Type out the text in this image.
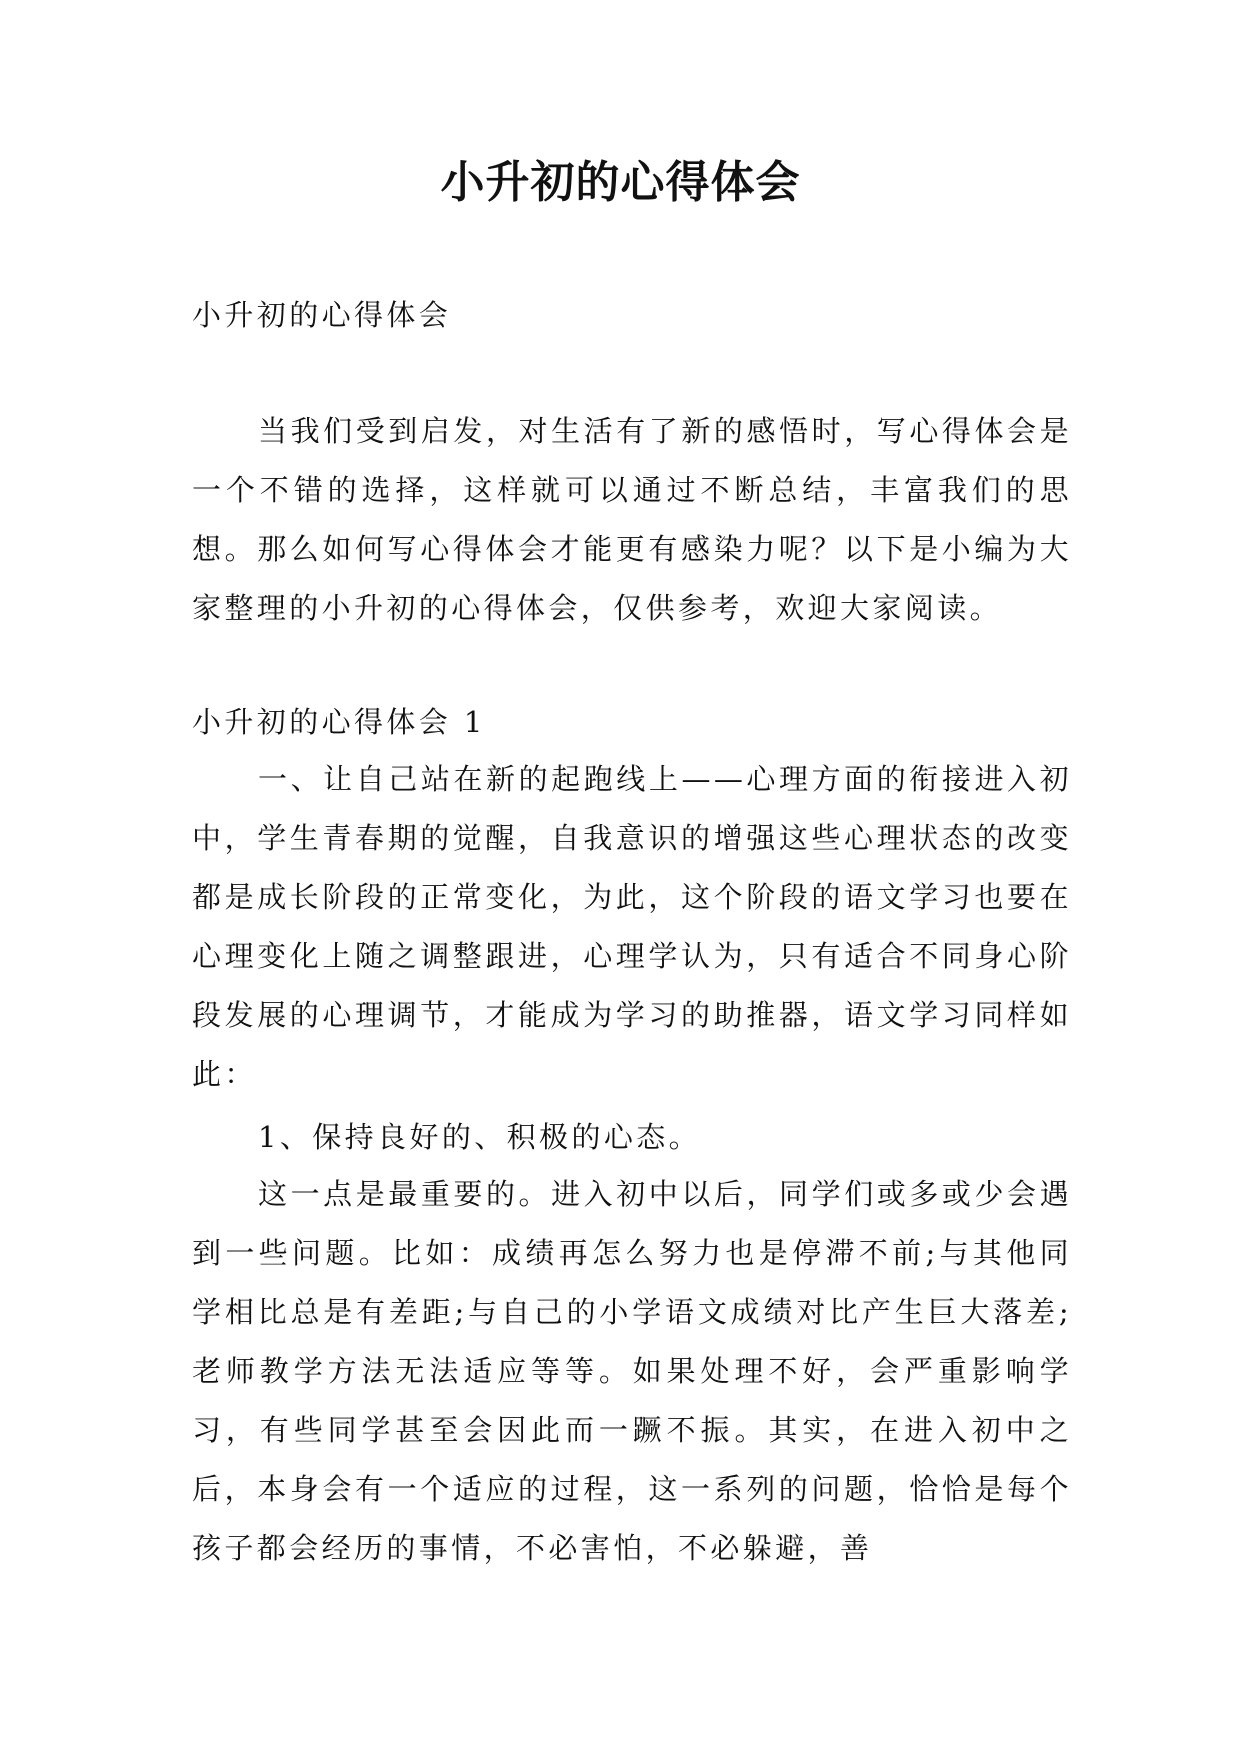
小升初的心得体会

小升初的心得体会

当我们受到启发，对生活有了新的感悟时，写心得体会是一个不错的选择，这样就可以通过不断总结，丰富我们的思想。那么如何写心得体会才能更有感染力呢？以下是小编为大家整理的小升初的心得体会，仅供参考，欢迎大家阅读。

小升初的心得体会 1

一、让自己站在新的起跑线上——心理方面的衔接进入初中，学生青春期的觉醒，自我意识的增强这些心理状态的改变都是成长阶段的正常变化，为此，这个阶段的语文学习也要在心理变化上随之调整跟进，心理学认为，只有适合不同身心阶段发展的心理调节，才能成为学习的助推器，语文学习同样如此：

1、保持良好的、积极的心态。

这一点是最重要的。进入初中以后，同学们或多或少会遇到一些问题。比如：成绩再怎么努力也是停滞不前;与其他同学相比总是有差距;与自己的小学语文成绩对比产生巨大落差;老师教学方法无法适应等等。如果处理不好，会严重影响学习，有些同学甚至会因此而一蹶不振。其实，在进入初中之后，本身会有一个适应的过程，这一系列的问题，恰恰是每个孩子都会经历的事情，不必害怕，不必躲避，善
